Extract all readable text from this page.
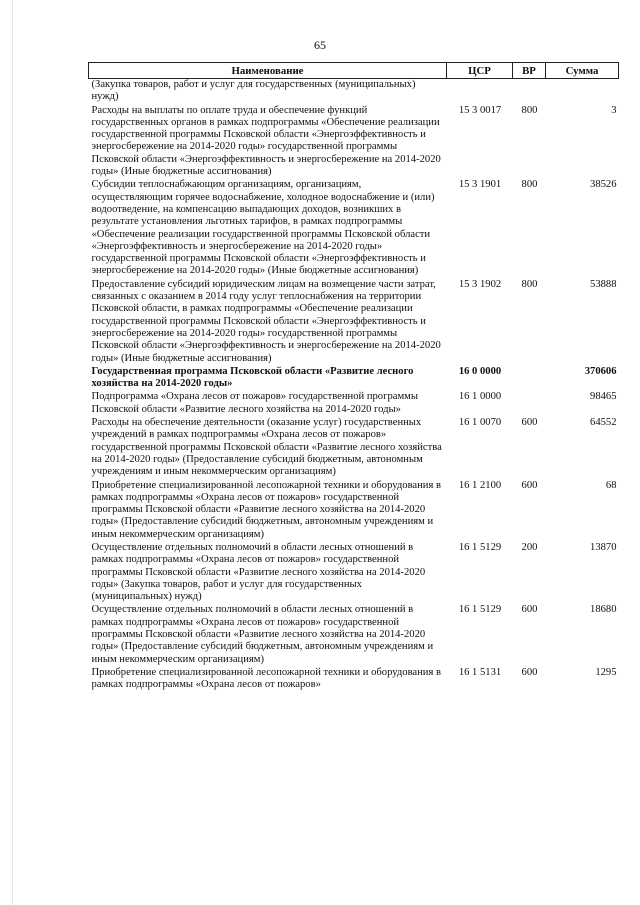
65
Наименование	ЦСР	ВР	Сумма
(Закупка товаров, работ и услуг для государственных (муниципальных) нужд)			
Расходы на выплаты по оплате труда и обеспечение функций государственных органов в рамках подпрограммы «Обеспечение реализации государственной программы Псковской области «Энергоэффективность и энергосбережение на 2014-2020 годы» государственной программы Псковской области «Энергоэффективность и энергосбережение на 2014-2020 годы» (Иные бюджетные ассигнования)	15 3 0017	800	3
Субсидии теплоснабжающим организациям, организациям, осуществляющим горячее водоснабжение, холодное водоснабжение и (или) водоотведение, на компенсацию выпадающих доходов, возникших в результате установления льготных тарифов, в рамках подпрограммы «Обеспечение реализации государственной программы Псковской области «Энергоэффективность и энергосбережение на 2014-2020 годы» государственной программы Псковской области «Энергоэффективность и энергосбережение на 2014-2020 годы» (Иные бюджетные ассигнования)	15 3 1901	800	38526
Предоставление субсидий юридическим лицам на возмещение части затрат, связанных с оказанием в 2014 году услуг теплоснабжения на территории Псковской области, в рамках подпрограммы «Обеспечение реализации государственной программы Псковской области «Энергоэффективность и энергосбережение на 2014-2020 годы» государственной программы Псковской области «Энергоэффективность и энергосбережение на 2014-2020 годы» (Иные бюджетные ассигнования)	15 3 1902	800	53888
Государственная программа Псковской области «Развитие лесного хозяйства на 2014-2020 годы»	16 0 0000		370606
Подпрограмма «Охрана лесов от пожаров» государственной программы Псковской области «Развитие лесного хозяйства на 2014-2020 годы»	16 1 0000		98465
Расходы на обеспечение деятельности (оказание услуг) государственных учреждений в рамках подпрограммы «Охрана лесов от пожаров» государственной программы Псковской области «Развитие лесного хозяйства на 2014-2020 годы» (Предоставление субсидий бюджетным, автономным учреждениям и иным некоммерческим организациям)	16 1 0070	600	64552
Приобретение специализированной лесопожарной техники и оборудования в рамках подпрограммы «Охрана лесов от пожаров» государственной программы Псковской области «Развитие лесного хозяйства на 2014-2020 годы» (Предоставление субсидий бюджетным, автономным учреждениям и иным некоммерческим организациям)	16 1 2100	600	68
Осуществление отдельных полномочий в области лесных отношений в рамках подпрограммы «Охрана лесов от пожаров» государственной программы Псковской области «Развитие лесного хозяйства на 2014-2020 годы» (Закупка товаров, работ и услуг для государственных (муниципальных) нужд)	16 1 5129	200	13870
Осуществление отдельных полномочий в области лесных отношений в рамках подпрограммы «Охрана лесов от пожаров» государственной программы Псковской области «Развитие лесного хозяйства на 2014-2020 годы» (Предоставление субсидий бюджетным, автономным учреждениям и иным некоммерческим организациям)	16 1 5129	600	18680
Приобретение специализированной лесопожарной техники и оборудования в рамках подпрограммы «Охрана лесов от пожаров»	16 1 5131	600	1295
